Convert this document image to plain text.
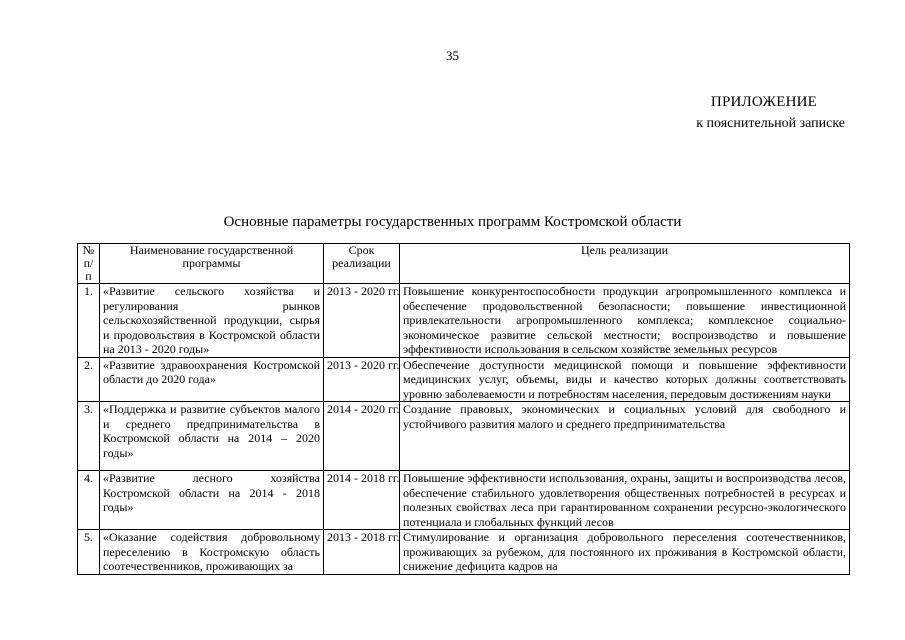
35
ПРИЛОЖЕНИЕ
к пояснительной записке
Основные параметры государственных программ Костромской области
№ п/п	Наименование государственной программы	Срок реализации	Цель реализации
1.	«Развитие сельского хозяйства и регулирования рынков сельскохозяйственной продукции, сырья и продовольствия в Костромской области на 2013 - 2020 годы»	2013 - 2020 гг.	Повышение конкурентоспособности продукции агропромышленного комплекса и обеспечение продовольственной безопасности; повышение инвестиционной привлекательности агропромышленного комплекса; комплексное социально-экономическое развитие сельской местности; воспроизводство и повышение эффективности использования в сельском хозяйстве земельных ресурсов
2.	«Развитие здравоохранения Костромской области до 2020 года»	2013 - 2020 гг.	Обеспечение доступности медицинской помощи и повышение эффективности медицинских услуг, объемы, виды и качество которых должны соответствовать уровню заболеваемости и потребностям населения, передовым достижениям науки
3.	«Поддержка и развитие субъектов малого и среднего предпринимательства в Костромской области на 2014 – 2020 годы»	2014 - 2020 гг.	Создание правовых, экономических и социальных условий для свободного и устойчивого развития малого и среднего предпринимательства
4.	«Развитие лесного хозяйства Костромской области на 2014 - 2018 годы»	2014 - 2018 гг.	Повышение эффективности использования, охраны, защиты и воспроизводства лесов, обеспечение стабильного удовлетворения общественных потребностей в ресурсах и полезных свойствах леса при гарантированном сохранении ресурсно-экологического потенциала и глобальных функций лесов
5.	«Оказание содействия добровольному переселению в Костромскую область соотечественников, проживающих за	2013 - 2018 гг.	Стимулирование и организация добровольного переселения соотечественников, проживающих за рубежом, для постоянного их проживания в Костромской области, снижение дефицита кадров на
